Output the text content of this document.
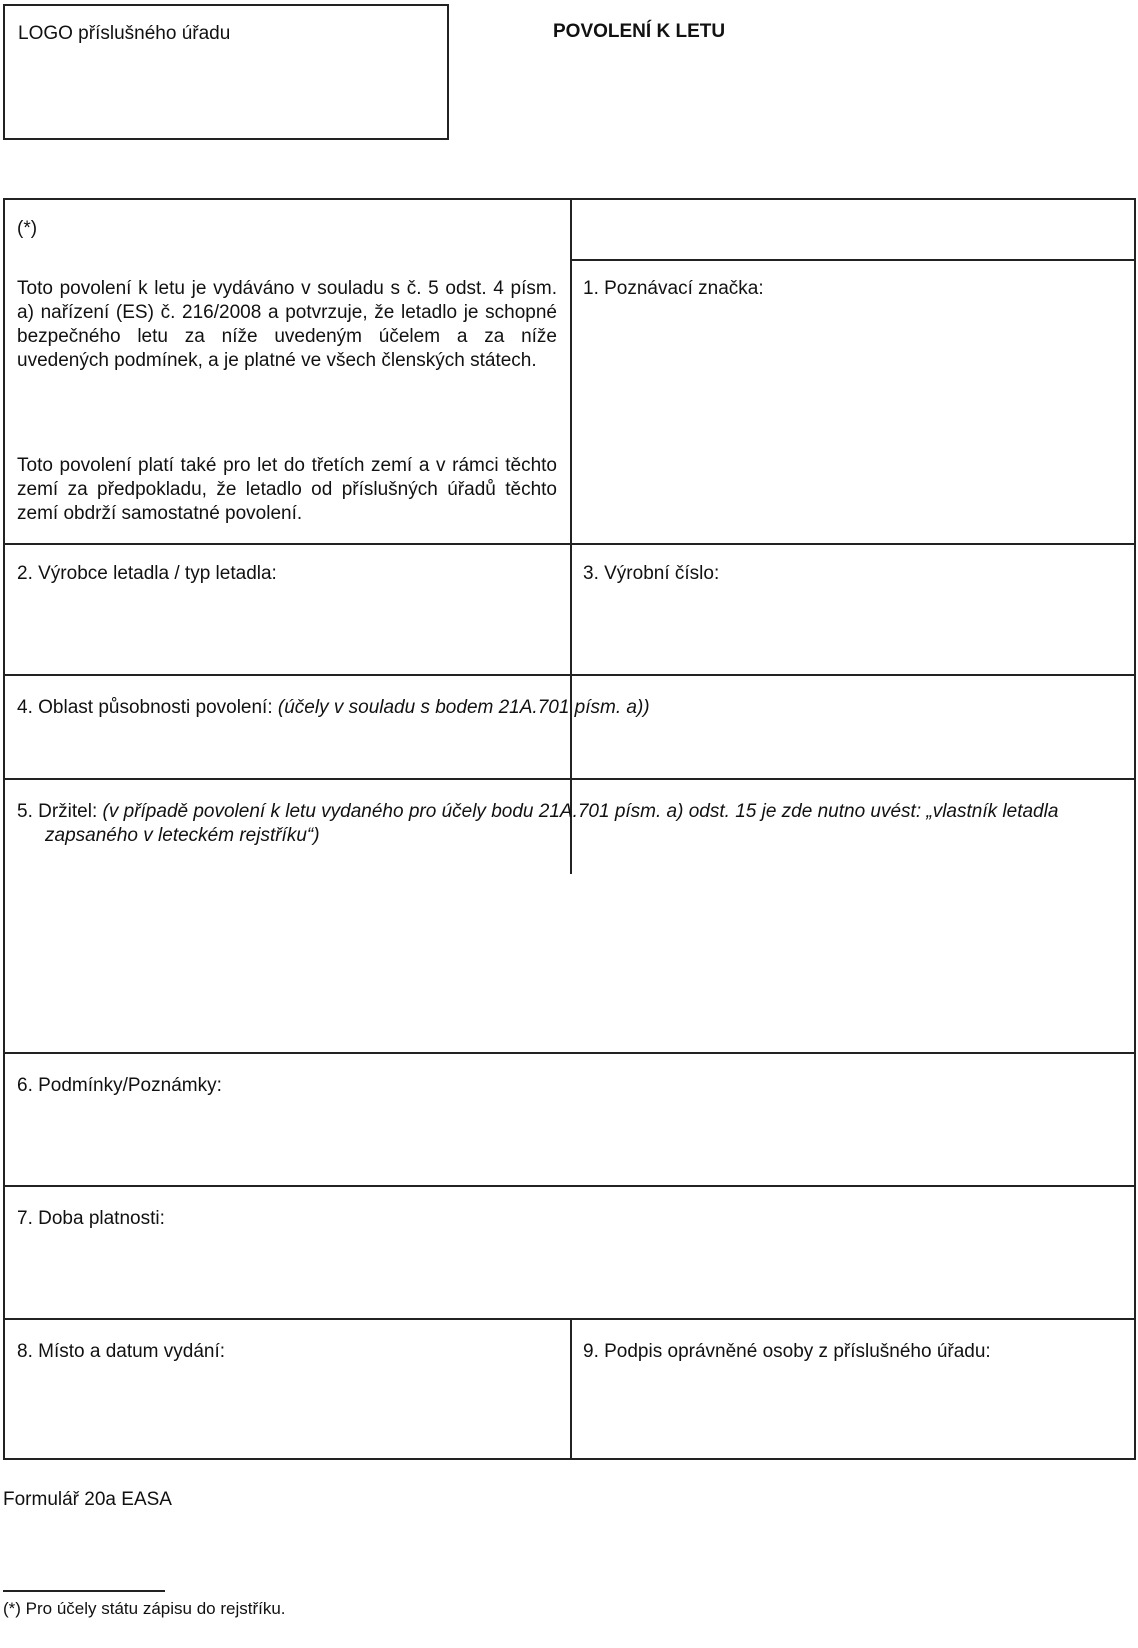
LOGO příslušného úřadu	POVOLENÍ K LETU
(*)
Toto povolení k letu je vydáváno v souladu s č. 5 odst. 4 písm. a) nařízení (ES) č. 216/2008 a potvrzuje, že letadlo je schopné bezpečného letu za níže uvedeným účelem a za níže uvedených podmínek, a je platné ve všech členských státech.
Toto povolení platí také pro let do třetích zemí a v rámci těchto zemí za předpokladu, že letadlo od příslušných úřadů těchto zemí obdrží samostatné povolení.
1. Poznávací značka:
2. Výrobce letadla / typ letadla:	3. Výrobní číslo:
4. Oblast působnosti povolení: (účely v souladu s bodem 21A.701 písm. a))
5. Držitel: (v případě povolení k letu vydaného pro účely bodu 21A.701 písm. a) odst. 15 je zde nutno uvést: „vlastník letadla zapsaného v leteckém rejstříku“)
6. Podmínky/Poznámky:
7. Doba platnosti:
8. Místo a datum vydání:	9. Podpis oprávněné osoby z příslušného úřadu:
Formulář 20a EASA
(*) Pro účely státu zápisu do rejstříku.
